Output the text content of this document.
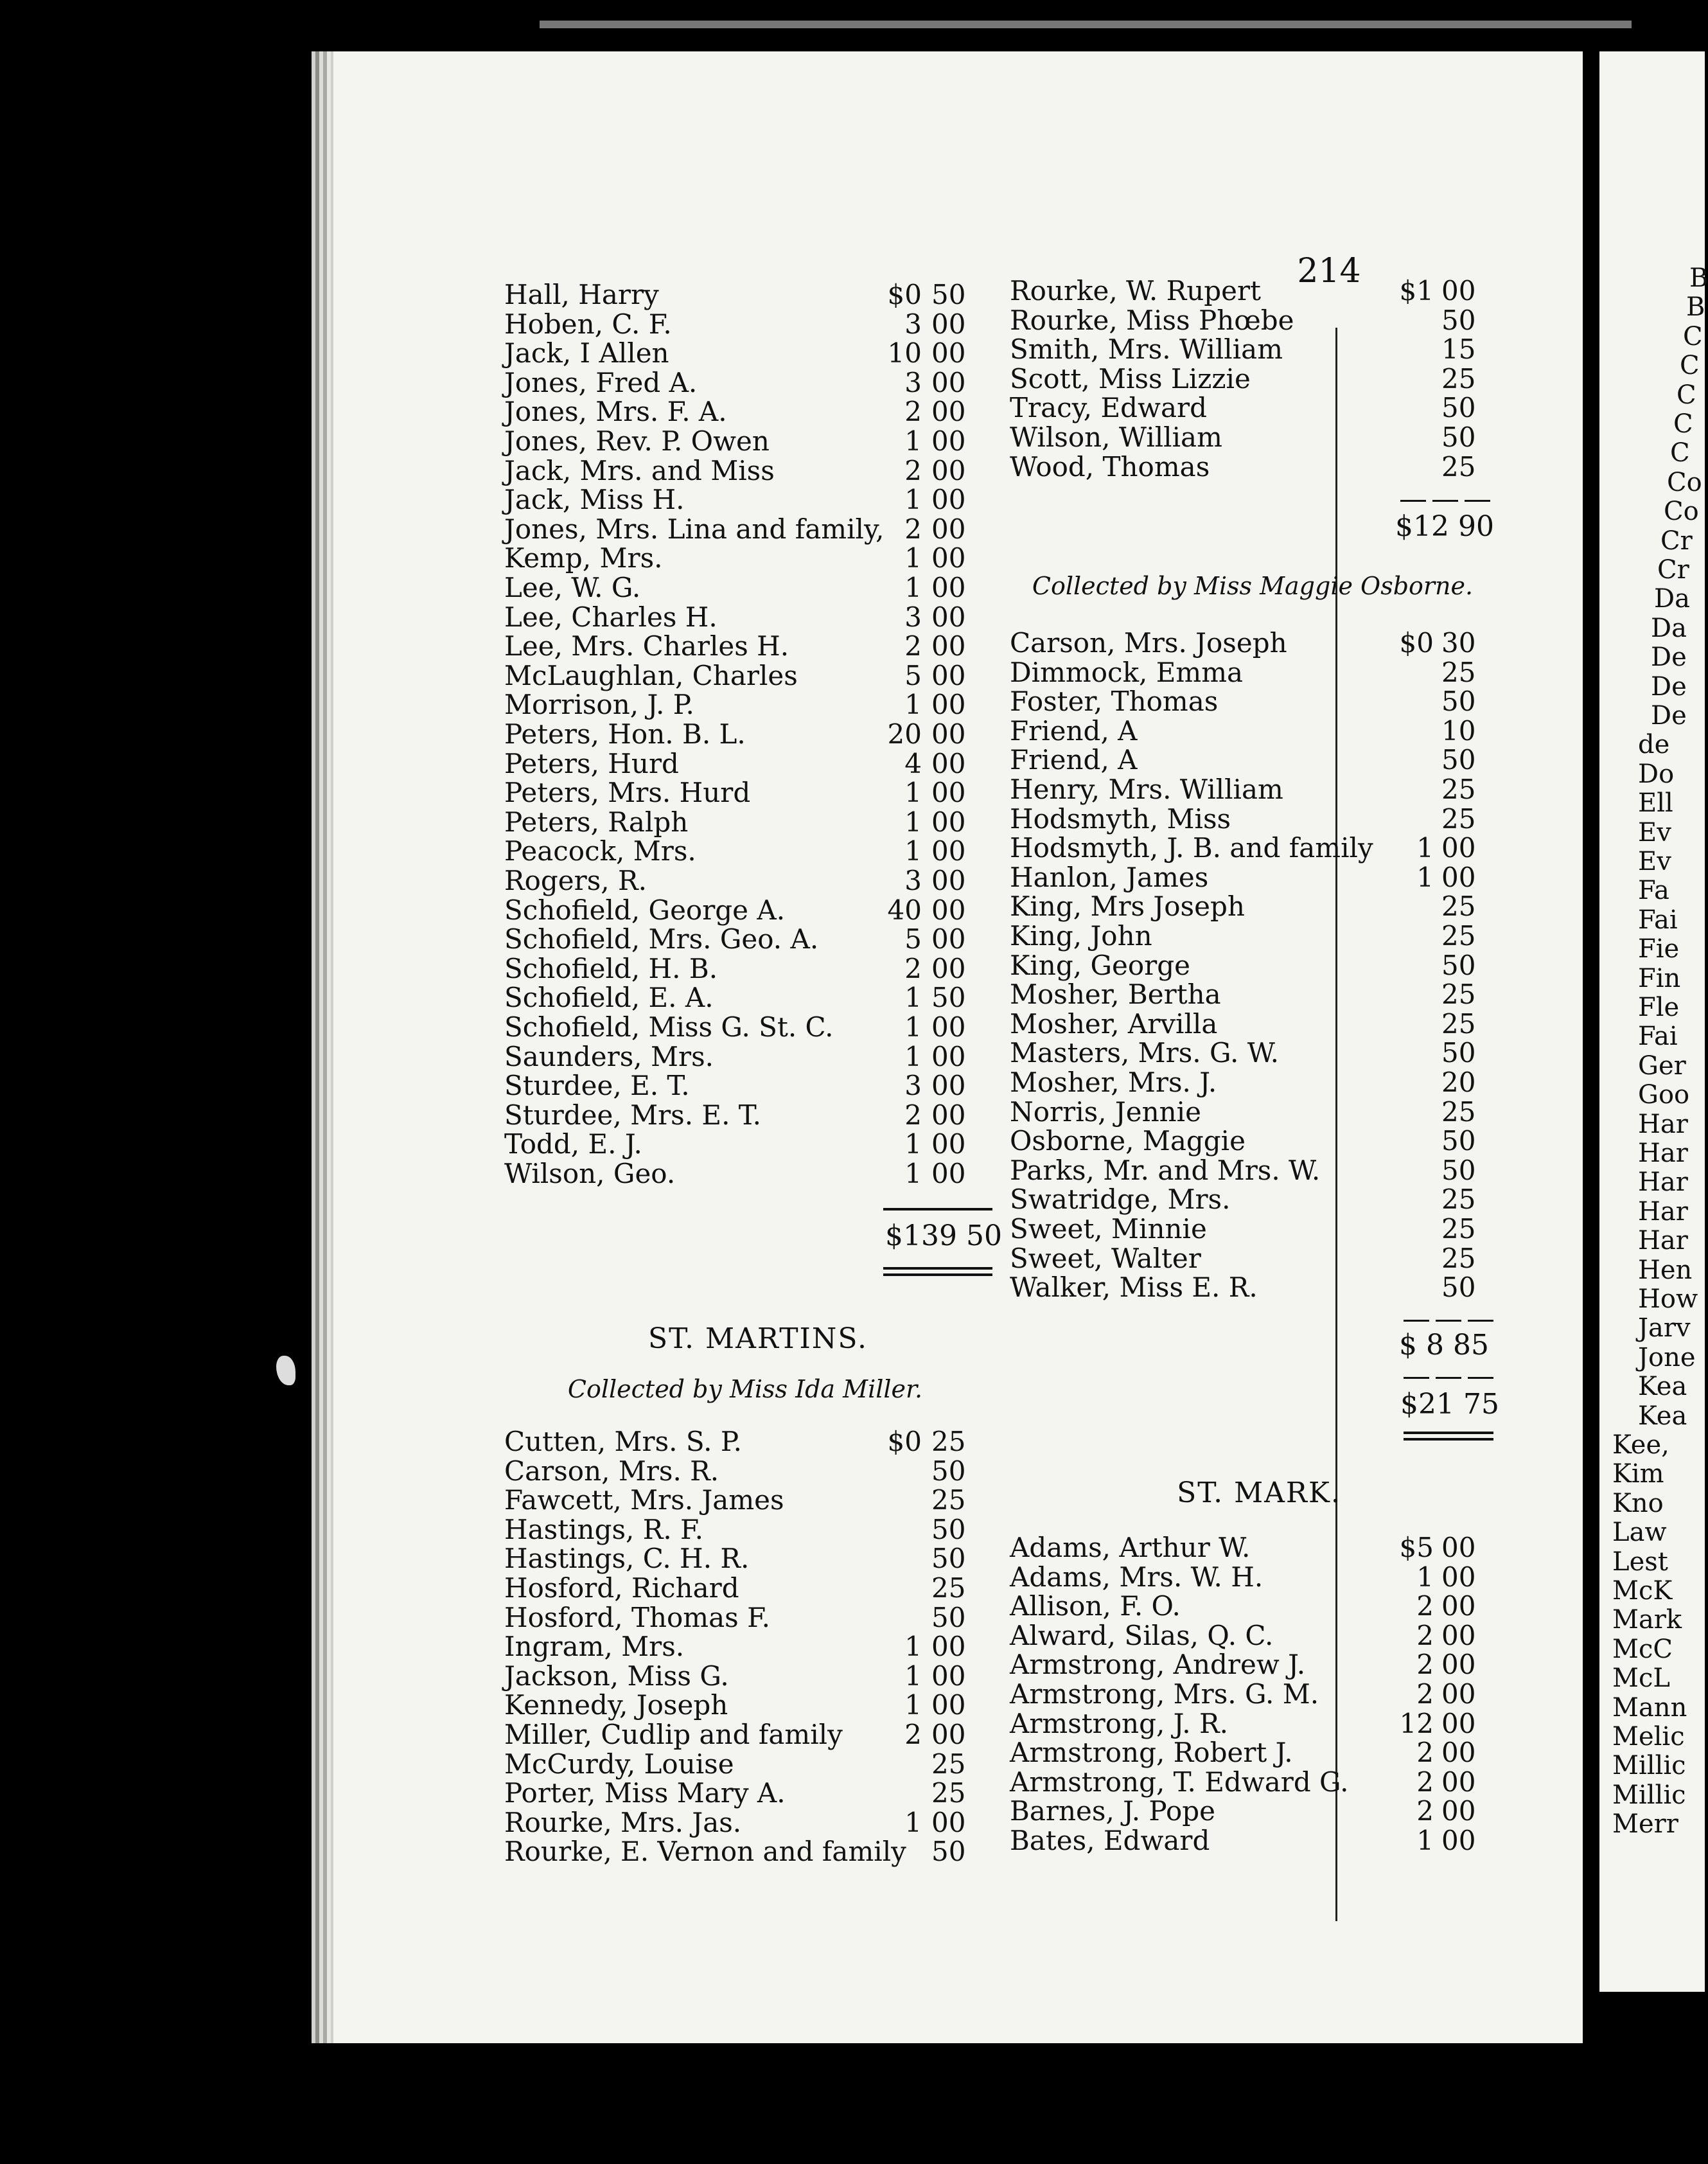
214
Hall, Harry	$0 50
Hoben, C. F.	3 00
Jack, I Allen	10 00
Jones, Fred A.	3 00
Jones, Mrs. F. A.	2 00
Jones, Rev. P. Owen	1 00
Jack, Mrs. and Miss	2 00
Jack, Miss H.	1 00
Jones, Mrs. Lina and family, 2 00
Kemp, Mrs.	1 00
Lee, W. G.	1 00
Lee, Charles H.	3 00
Lee, Mrs. Charles H.	2 00
McLaughlan, Charles	5 00
Morrison, J. P.	1 00
Peters, Hon. B. L.	20 00
Peters, Hurd	4 00
Peters, Mrs. Hurd	1 00
Peters, Ralph	1 00
Peacock, Mrs.	1 00
Rogers, R.	3 00
Schofield, George A.	40 00
Schofield, Mrs. Geo. A.	5 00
Schofield, H. B.	2 00
Schofield, E. A.	1 50
Schofield, Miss G. St. C.	1 00
Saunders, Mrs.	1 00
Sturdee, E. T.	3 00
Sturdee, Mrs. E. T.	2 00
Todd, E. J.	1 00
Wilson, Geo.	1 00
$139 50
ST. MARTINS.
Collected by Miss Ida Miller.
Cutten, Mrs. S. P.	$0 25
Carson, Mrs. R.	50
Fawcett, Mrs. James	25
Hastings, R. F.	50
Hastings, C. H. R.	50
Hosford, Richard	25
Hosford, Thomas F.	50
Ingram, Mrs.	1 00
Jackson, Miss G.	1 00
Kennedy, Joseph	1 00
Miller, Cudlip and family	2 00
McCurdy, Louise	25
Porter, Miss Mary A.	25
Rourke, Mrs. Jas.	1 00
Rourke, E. Vernon and family 50
Rourke, W. Rupert	$1 00
Rourke, Miss Phœbe	50
Smith, Mrs. William	15
Scott, Miss Lizzie	25
Tracy, Edward	50
Wilson, William	50
Wood, Thomas	25
$12 90
Collected by Miss Maggie Osborne.
Carson, Mrs. Joseph	$0 30
Dimmock, Emma	25
Foster, Thomas	50
Friend, A	10
Friend, A	50
Henry, Mrs. William	25
Hodsmyth, Miss	25
Hodsmyth, J. B. and family	1 00
Hanlon, James	1 00
King, Mrs Joseph	25
King, John	25
King, George	50
Mosher, Bertha	25
Mosher, Arvilla	25
Masters, Mrs. G. W.	50
Mosher, Mrs. J.	20
Norris, Jennie	25
Osborne, Maggie	50
Parks, Mr. and Mrs. W.	50
Swatridge, Mrs.	25
Sweet, Minnie	25
Sweet, Walter	25
Walker, Miss E. R.	50
$ 8 85
$21 75
ST. MARK.
Adams, Arthur W.	$5 00
Adams, Mrs. W. H.	1 00
Allison, F. O.	2 00
Alward, Silas, Q. C.	2 00
Armstrong, Andrew J.	2 00
Armstrong, Mrs. G. M.	2 00
Armstrong, J. R.	12 00
Armstrong, Robert J.	2 00
Armstrong, T. Edward G.	2 00
Barnes, J. Pope	2 00
Bates, Edward	1 00
B
B
C
C
C
C
C
Co
Co
Cr
Cr
Da
Da
De
De
De
de
Do
Ell
Ev
Ev
Fa
Fai
Fie
Fin
Fle
Fai
Ger
Goo
Har
Har
Har
Har
Har
Hen
How
Jarv
Jone
Kea
Kea
Kee,
Kim
Kno
Law
Lest
McK
Mark
McC
McL
Mann
Melic
Millic
Millic
Merr
